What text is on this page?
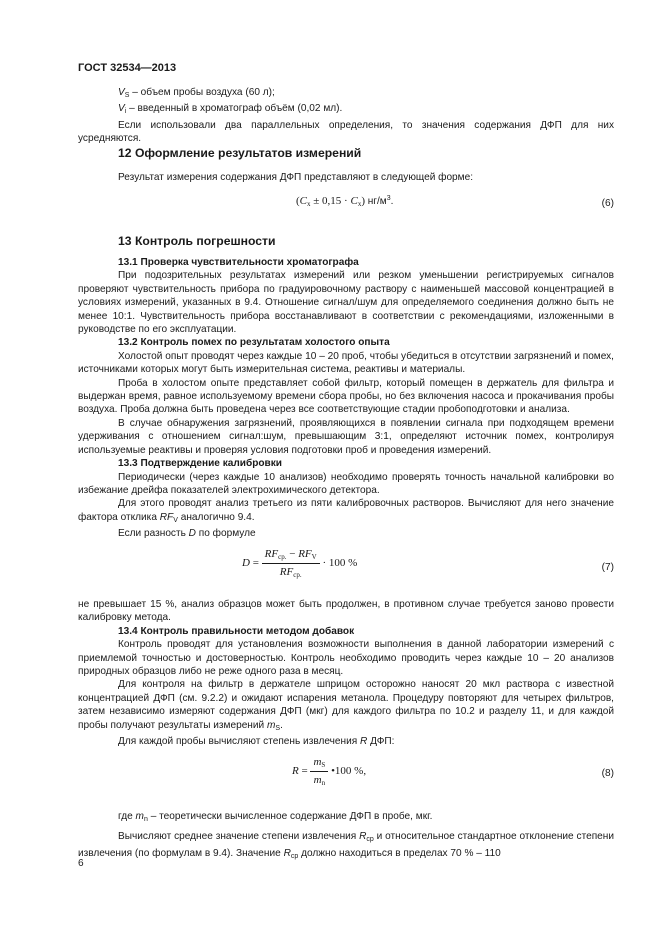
ГОСТ 32534—2013

$V_S$ – объем пробы воздуха (60 л);

$V_i$ – введенный в хроматограф объём (0,02 мл).

Если использовали два параллельных определения, то значения содержания ДФП для них усредняются.

12 Оформление результатов измерений

Результат измерения содержания ДФП представляют в следующей форме:

$(C_x \pm 0,15 \cdot C_x)$ $нг/м^3$.	(6)

13 Контроль погрешности

13.1 Проверка чувствительности хроматографа

При подозрительных результатах измерений или резком уменьшении регистрируемых сигналов проверяют чувствительность прибора по градуировочному раствору с наименьшей массовой концентрацией в условиях измерений, указанных в 9.4. Отношение сигнал/шум для определяемого соединения должно быть не менее 10:1. Чувствительность прибора восстанавливают в соответствии с рекомендациями, изложенными в руководстве по его эксплуатации.

13.2 Контроль помех по результатам холостого опыта

Холостой опыт проводят через каждые 10 – 20 проб, чтобы убедиться в отсутствии загрязнений и помех, источниками которых могут быть измерительная система, реактивы и материалы.

Проба в холостом опыте представляет собой фильтр, который помещен в держатель для фильтра и выдержан время, равное используемому времени сбора пробы, но без включения насоса и прокачивания пробы воздуха. Проба должна быть проведена через все соответствующие стадии пробоподготовки и анализа.

В случае обнаружения загрязнений, проявляющихся в появлении сигнала при подходящем времени удерживания с отношением сигнал:шум, превышающим 3:1, определяют источник помех, контролируя используемые реактивы и проверяя условия подготовки проб и проведения измерений.

13.3 Подтверждение калибровки

Периодически (через каждые 10 анализов) необходимо проверять точность начальной калибровки во избежание дрейфа показателей электрохимического детектора.

Для этого проводят анализ третьего из пяти калибровочных растворов. Вычисляют для него значение фактора отклика $RF_V$ аналогично 9.4.

Если разность D по формуле

$D = \frac{RF_{ср.} - RF_V}{RF_{ср.}} \cdot 100$ %	(7)

не превышает 15 %, анализ образцов может быть продолжен, в противном случае требуется заново провести калибровку метода.

13.4 Контроль правильности методом добавок

Контроль проводят для установления возможности выполнения в данной лаборатории измерений с приемлемой точностью и достоверностью. Контроль необходимо проводить через каждые 10 – 20 анализов природных образцов либо не реже одного раза в месяц.

Для контроля на фильтр в держателе шприцом осторожно наносят 20 мкл раствора с известной концентрацией ДФП (см. 9.2.2) и ожидают испарения метанола. Процедуру повторяют для четырех фильтров, затем независимо измеряют содержания ДФП (мкг) для каждого фильтра по 10.2 и разделу 11, и для каждой пробы получают результаты измерений $m_S$.

Для каждой пробы вычисляют степень извлечения R ДФП:

$R = \frac{m_S}{m_n}$ •100 %,	(8)

где $m_n$ – теоретически вычисленное содержание ДФП в пробе, мкг.

Вычисляют среднее значение степени извлечения $R_{ср}$ и относительное стандартное отклонение степени извлечения (по формулам в 9.4). Значение $R_{ср}$ должно находиться в пределах 70 % – 110

6
